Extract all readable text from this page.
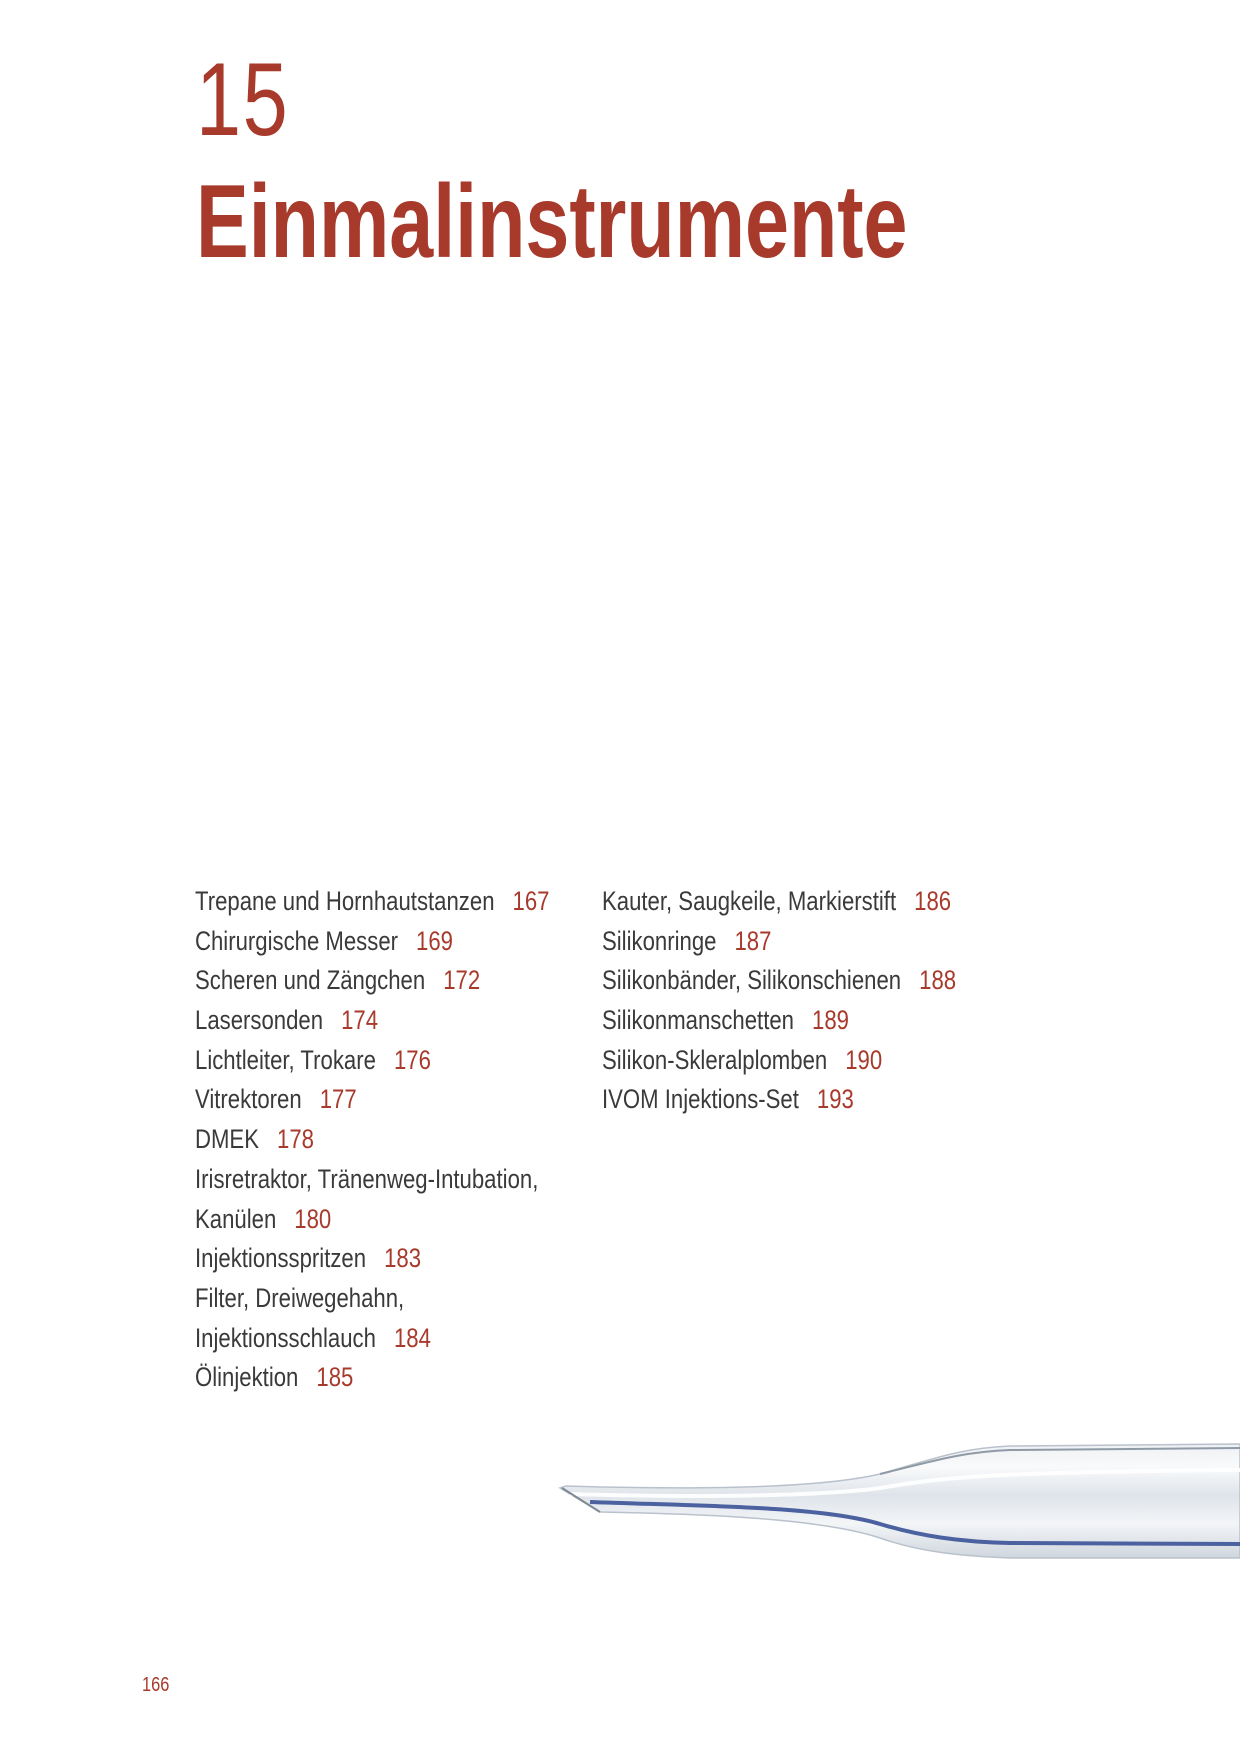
15
Einmalinstrumente
Trepane und Hornhautstanzen 167
Chirurgische Messer 169
Scheren und Zängchen 172
Lasersonden 174
Lichtleiter, Trokare 176
Vitrektoren 177
DMEK 178
Irisretraktor, Tränenweg-Intubation,
Kanülen 180
Injektionsspritzen 183
Filter, Dreiwegehahn,
Injektionsschlauch 184
Ölinjektion 185
Kauter, Saugkeile, Markierstift 186
Silikonringe 187
Silikonbänder, Silikonschienen 188
Silikonmanschetten 189
Silikon-Skleralplomben 190
IVOM Injektions-Set 193
166
